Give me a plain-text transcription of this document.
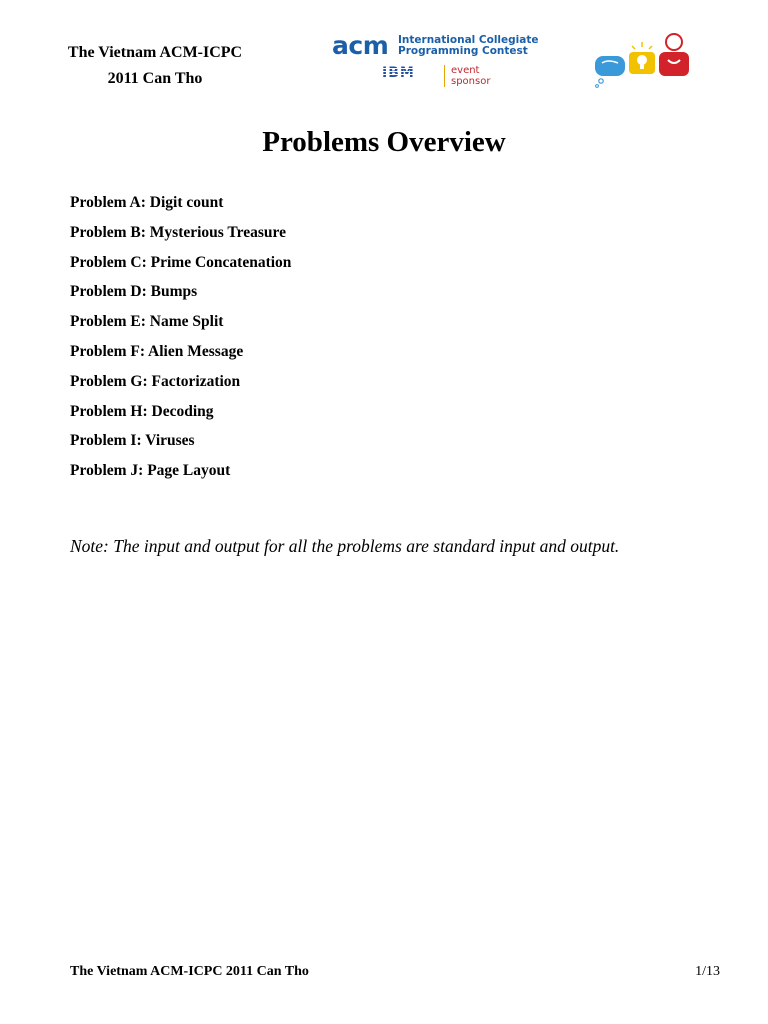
The Vietnam ACM-ICPC
2011 Can Tho
acm International Collegiate
Programming Contest
IBM	event
sponsor
Problems Overview
Problem A: Digit count
Problem B: Mysterious Treasure
Problem C: Prime Concatenation
Problem D: Bumps
Problem E: Name Split
Problem F: Alien Message
Problem G: Factorization
Problem H: Decoding
Problem I: Viruses
Problem J: Page Layout
Note: The input and output for all the problems are standard input and output.
The Vietnam ACM-ICPC 2011 Can Tho	1/13
